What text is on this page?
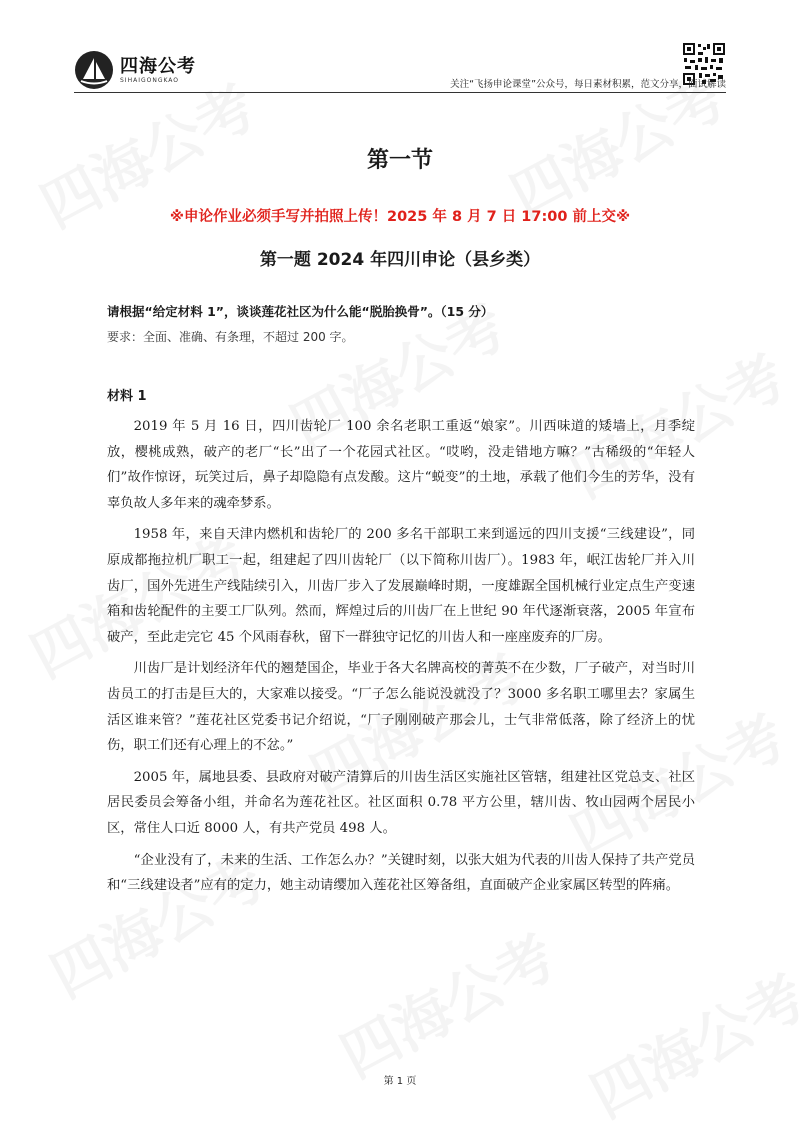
四海公考
SIHAIGONGKAO	关注“飞扬申论课堂”公众号，每日素材积累，范文分享，面试解读
第一节
※申论作业必须手写并拍照上传！2025 年 8 月 7 日 17:00 前上交※
第一题 2024 年四川申论（县乡类）
请根据“给定材料 1”，谈谈莲花社区为什么能“脱胎换骨”。（15 分）
要求：全面、准确、有条理，不超过 200 字。
材料 1

2019 年 5 月 16 日，四川齿轮厂 100 余名老职工重返“娘家”。川西味道的矮墙上，月季绽放，樱桃成熟，破产的老厂“长”出了一个花园式社区。“哎哟，没走错地方嘛？”古稀级的“年轻人们”故作惊讶，玩笑过后，鼻子却隐隐有点发酸。这片“蜕变”的土地，承载了他们今生的芳华，没有辜负故人多年来的魂牵梦系。

1958 年，来自天津内燃机和齿轮厂的 200 多名干部职工来到遥远的四川支援“三线建设”，同原成都拖拉机厂职工一起，组建起了四川齿轮厂（以下简称川齿厂）。1983 年，岷江齿轮厂并入川齿厂，国外先进生产线陆续引入，川齿厂步入了发展巅峰时期，一度雄踞全国机械行业定点生产变速箱和齿轮配件的主要工厂队列。然而，辉煌过后的川齿厂在上世纪 90 年代逐渐衰落，2005 年宣布破产，至此走完它 45 个风雨春秋，留下一群独守记忆的川齿人和一座座废弃的厂房。

川齿厂是计划经济年代的翘楚国企，毕业于各大名牌高校的菁英不在少数，厂子破产，对当时川齿员工的打击是巨大的，大家难以接受。“厂子怎么能说没就没了？3000 多名职工哪里去？家属生活区谁来管？”莲花社区党委书记介绍说，“厂子刚刚破产那会儿，士气非常低落，除了经济上的忧伤，职工们还有心理上的不忿。”

2005 年，属地县委、县政府对破产清算后的川齿生活区实施社区管辖，组建社区党总支、社区居民委员会筹备小组，并命名为莲花社区。社区面积 0.78 平方公里，辖川齿、牧山园两个居民小区，常住人口近 8000 人，有共产党员 498 人。

“企业没有了，未来的生活、工作怎么办？”关键时刻，以张大姐为代表的川齿人保持了共产党员和“三线建设者”应有的定力，她主动请缨加入莲花社区筹备组，直面破产企业家属区转型的阵痛。

第 1 页
